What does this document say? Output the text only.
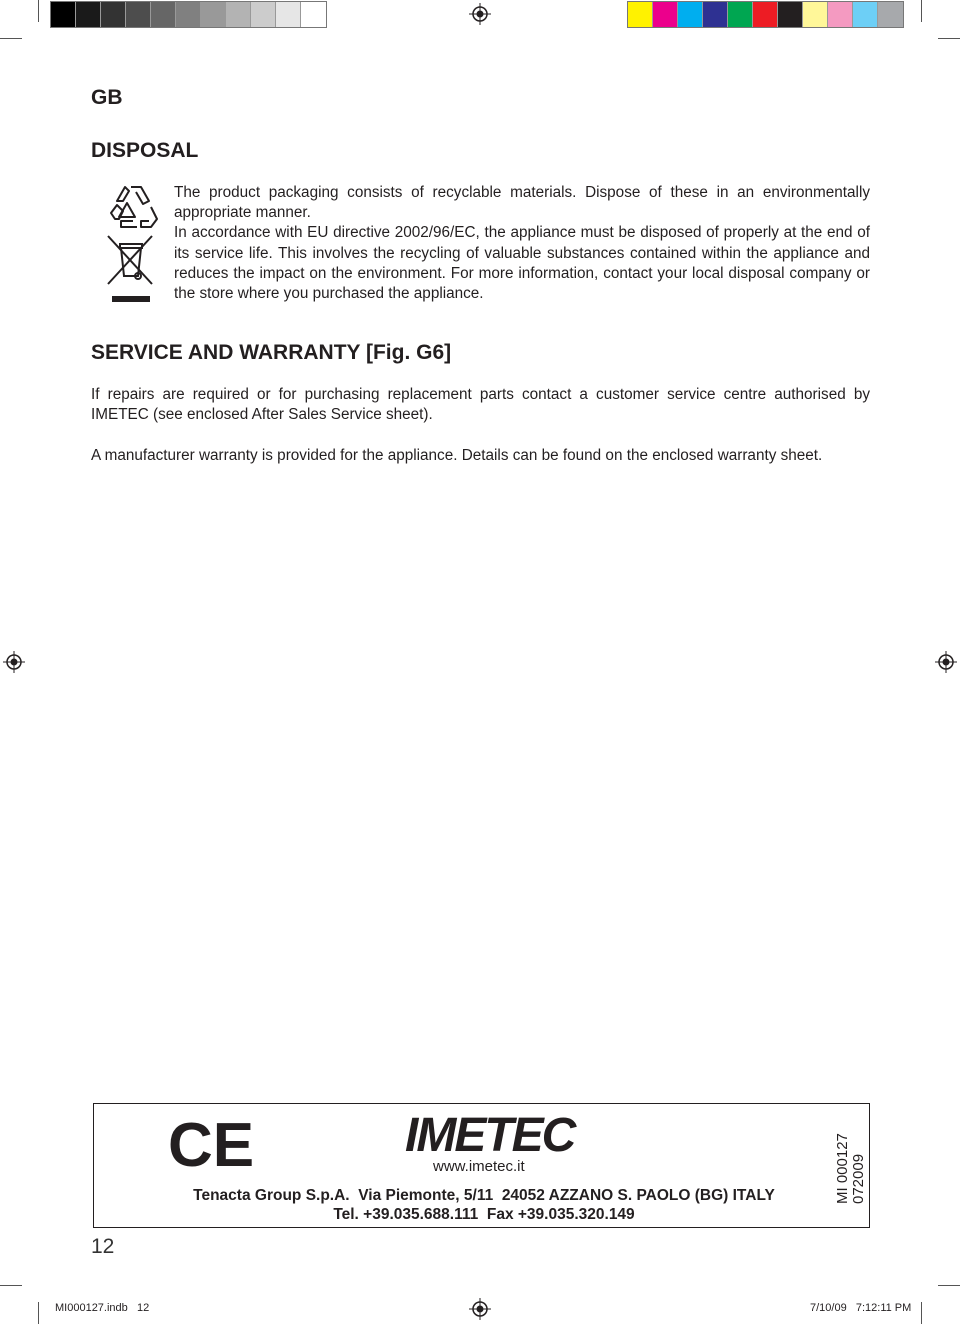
GB
DISPOSAL

The product packaging consists of recyclable materials. Dispose of these in an environmentally appropriate manner.

In accordance with EU directive 2002/96/EC, the appliance must be disposed of properly at the end of its service life. This involves the recycling of valuable substances contained within the appliance and reduces the impact on the environment. For more information, contact your local disposal company or the store where you purchased the appliance.

SERVICE AND WARRANTY [Fig. G6]

If repairs are required or for purchasing replacement parts contact a customer service centre authorised by IMETEC (see enclosed After Sales Service sheet).

A manufacturer warranty is provided for the appliance. Details can be found on the enclosed warranty sheet.

CE	IMETEC
www.imetec.it
Tenacta Group S.p.A.  Via Piemonte, 5/11  24052 AZZANO S. PAOLO (BG) ITALY
Tel. +39.035.688.111  Fax +39.035.320.149
MI 000127 072009
12
MI000127.indb   12	7/10/09   7:12:11 PM
